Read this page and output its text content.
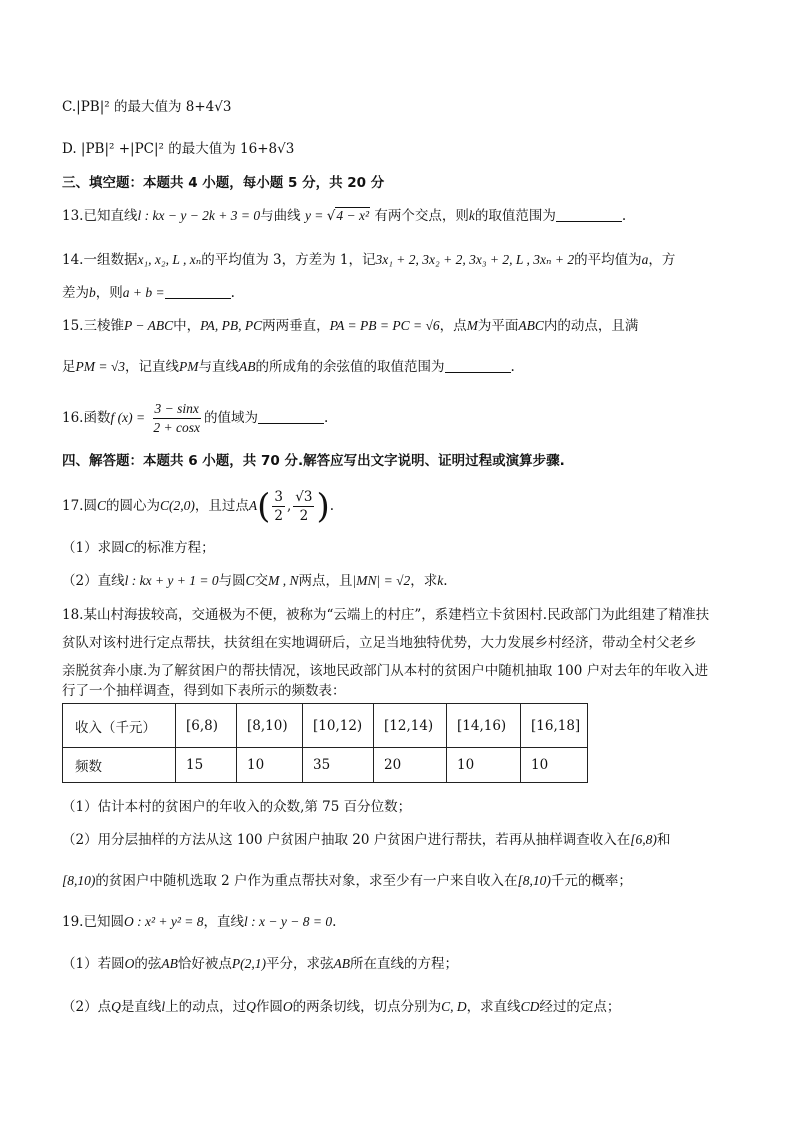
C.|PB|² 的最大值为 8+4√3
D. |PB|² +|PC|² 的最大值为 16+8√3
三、填空题：本题共 4 小题，每小题 5 分，共 20 分
13.已知直线l : kx − y − 2k + 3 = 0与曲线 y = √4 − x² 有两个交点，则k的取值范围为	.
14.一组数据x₁, x₂, L , xₙ的平均值为 3，方差为 1，记3x₁ + 2, 3x₂ + 2, 3x₃ + 2, L , 3xₙ + 2的平均值为a，方
差为b，则a + b =	.
15.三棱锥P − ABC中，PA, PB, PC两两垂直，PA = PB = PC = √6，点M为平面ABC内的动点，且满
足PM = √3，记直线PM与直线AB的所成角的余弦值的取值范围为	.
16.函数f $(x) = \frac{3 - \sin x}{2 + \cos x}$ 的值域为	.
四、解答题：本题共 6 小题，共 70 分.解答应写出文字说明、证明过程或演算步骤.
17.圆C的圆心为C(2,0)，且过点$A( \frac{3}{2}$ , $\frac{√3}{2}$ ).
（1）求圆C的标准方程；
（2）直线l : kx + y + 1 = 0与圆C交M , N两点，且|MN| = √2，求k.
18.某山村海拔较高，交通极为不便，被称为“云端上的村庄”，系建档立卡贫困村.民政部门为此组建了精准扶
贫队对该村进行定点帮扶，扶贫组在实地调研后，立足当地独特优势，大力发展乡村经济，带动全村父老乡
亲脱贫奔小康.为了解贫困户的帮扶情况，该地民政部门从本村的贫困户中随机抽取 100 户对去年的年收入进
行了一个抽样调查，得到如下表所示的频数表：
收入（千元）	[6,8)	[8,10)	[10,12)	[12,14)	[14,16)	[16,18]
频数	15	10	35	20	10	10
（1）估计本村的贫困户的年收入的众数,第 75 百分位数；
（2）用分层抽样的方法从这 100 户贫困户抽取 20 户贫困户进行帮扶，若再从抽样调查收入在[6,8)和
[8,10)的贫困户中随机选取 2 户作为重点帮扶对象，求至少有一户来自收入在[8,10)千元的概率；
19.已知圆O : x² + y² = 8，直线l : x − y − 8 = 0.
（1）若圆O的弦AB恰好被点P(2,1)平分，求弦AB所在直线的方程；
（2）点Q是直线l上的动点，过Q作圆O的两条切线，切点分别为C, D，求直线CD经过的定点；
